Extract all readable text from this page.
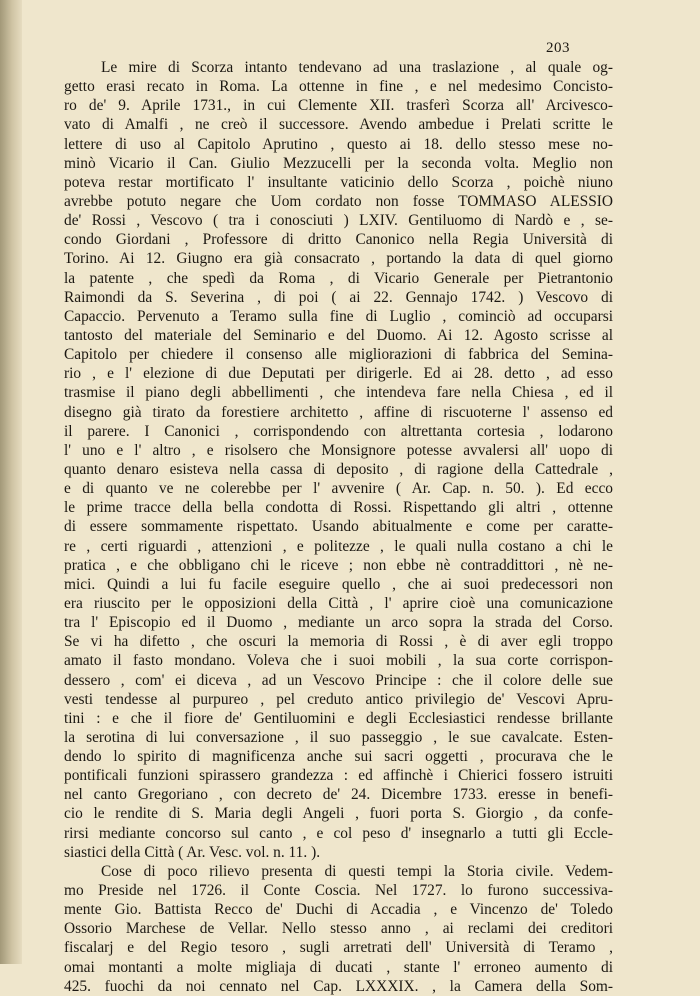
203
Le mire di Scorza intanto tendevano ad una traslazione , al quale og-
getto erasi recato in Roma. La ottenne in fine , e nel medesimo Concisto-
ro de' 9. Aprile 1731., in cui Clemente XII. trasferì Scorza all' Arcivesco-
vato di Amalfi , ne creò il successore. Avendo ambedue i Prelati scritte le
lettere di uso al Capitolo Aprutino , questo ai 18. dello stesso mese no-
minò Vicario il Can. Giulio Mezzucelli per la seconda volta. Meglio non
poteva restar mortificato l' insultante vaticinio dello Scorza , poichè niuno
avrebbe potuto negare che Uom cordato non fosse TOMMASO ALESSIO
de' Rossi , Vescovo ( tra i conosciuti ) LXIV. Gentiluomo di Nardò e , se-
condo Giordani , Professore di dritto Canonico nella Regia Università di
Torino. Ai 12. Giugno era già consacrato , portando la data di quel giorno
la patente , che spedì da Roma , di Vicario Generale per Pietrantonio
Raimondi da S. Severina , di poi ( ai 22. Gennajo 1742. ) Vescovo di
Capaccio. Pervenuto a Teramo sulla fine di Luglio , cominciò ad occuparsi
tantosto del materiale del Seminario e del Duomo. Ai 12. Agosto scrisse al
Capitolo per chiedere il consenso alle migliorazioni di fabbrica del Semina-
rio , e l' elezione di due Deputati per dirigerle. Ed ai 28. detto , ad esso
trasmise il piano degli abbellimenti , che intendeva fare nella Chiesa , ed il
disegno già tirato da forestiere architetto , affine di riscuoterne l' assenso ed
il parere. I Canonici , corrispondendo con altrettanta cortesia , lodarono
l' uno e l' altro , e risolsero che Monsignore potesse avvalersi all' uopo di
quanto denaro esisteva nella cassa di deposito , di ragione della Cattedrale ,
e di quanto ve ne colerebbe per l' avvenire ( Ar. Cap. n. 50. ). Ed ecco
le prime tracce della bella condotta di Rossi. Rispettando gli altri , ottenne
di essere sommamente rispettato. Usando abitualmente e come per caratte-
re , certi riguardi , attenzioni , e politezze , le quali nulla costano a chi le
pratica , e che obbligano chi le riceve ; non ebbe nè contraddittori , nè ne-
mici. Quindi a lui fu facile eseguire quello , che ai suoi predecessori non
era riuscito per le opposizioni della Città , l' aprire cioè una comunicazione
tra l' Episcopio ed il Duomo , mediante un arco sopra la strada del Corso.
Se vi ha difetto , che oscuri la memoria di Rossi , è di aver egli troppo
amato il fasto mondano. Voleva che i suoi mobili , la sua corte corrispon-
dessero , com' ei diceva , ad un Vescovo Principe : che il colore delle sue
vesti tendesse al purpureo , pel creduto antico privilegio de' Vescovi Apru-
tini : e che il fiore de' Gentiluomini e degli Ecclesiastici rendesse brillante
la serotina di lui conversazione , il suo passeggio , le sue cavalcate. Esten-
dendo lo spirito di magnificenza anche sui sacri oggetti , procurava che le
pontificali funzioni spirassero grandezza : ed affinchè i Chierici fossero istruiti
nel canto Gregoriano , con decreto de' 24. Dicembre 1733. eresse in benefi-
cio le rendite di S. Maria degli Angeli , fuori porta S. Giorgio , da confe-
rirsi mediante concorso sul canto , e col peso d' insegnarlo a tutti gli Eccle-
siastici della Città ( Ar. Vesc. vol. n. 11. ).
Cose di poco rilievo presenta di questi tempi la Storia civile. Vedem-
mo Preside nel 1726. il Conte Coscia. Nel 1727. lo furono successiva-
mente Gio. Battista Recco de' Duchi di Accadia , e Vincenzo de' Toledo
Ossorio Marchese de Vellar. Nello stesso anno , ai reclami dei creditori
fiscalarj e del Regio tesoro , sugli arretrati dell' Università di Teramo ,
omai montanti a molte migliaja di ducati , stante l' erroneo aumento di
425. fuochi da noi cennato nel Cap. LXXXIX. , la Camera della Som-
